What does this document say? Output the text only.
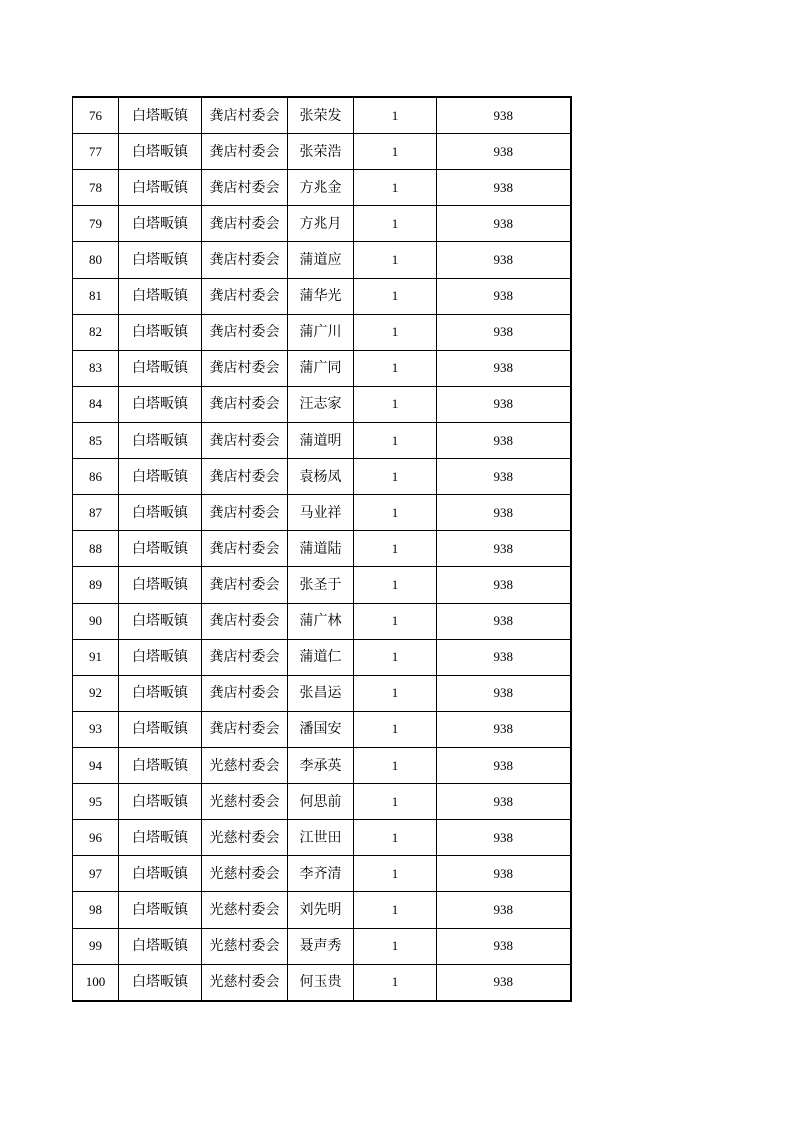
76	白塔畈镇	龚店村委会	张荣发	1	938
77	白塔畈镇	龚店村委会	张荣浩	1	938
78	白塔畈镇	龚店村委会	方兆金	1	938
79	白塔畈镇	龚店村委会	方兆月	1	938
80	白塔畈镇	龚店村委会	蒲道应	1	938
81	白塔畈镇	龚店村委会	蒲华光	1	938
82	白塔畈镇	龚店村委会	蒲广川	1	938
83	白塔畈镇	龚店村委会	蒲广同	1	938
84	白塔畈镇	龚店村委会	汪志家	1	938
85	白塔畈镇	龚店村委会	蒲道明	1	938
86	白塔畈镇	龚店村委会	袁杨凤	1	938
87	白塔畈镇	龚店村委会	马业祥	1	938
88	白塔畈镇	龚店村委会	蒲道陆	1	938
89	白塔畈镇	龚店村委会	张圣于	1	938
90	白塔畈镇	龚店村委会	蒲广林	1	938
91	白塔畈镇	龚店村委会	蒲道仁	1	938
92	白塔畈镇	龚店村委会	张昌运	1	938
93	白塔畈镇	龚店村委会	潘国安	1	938
94	白塔畈镇	光慈村委会	李承英	1	938
95	白塔畈镇	光慈村委会	何思前	1	938
96	白塔畈镇	光慈村委会	江世田	1	938
97	白塔畈镇	光慈村委会	李齐清	1	938
98	白塔畈镇	光慈村委会	刘先明	1	938
99	白塔畈镇	光慈村委会	聂声秀	1	938
100	白塔畈镇	光慈村委会	何玉贵	1	938
